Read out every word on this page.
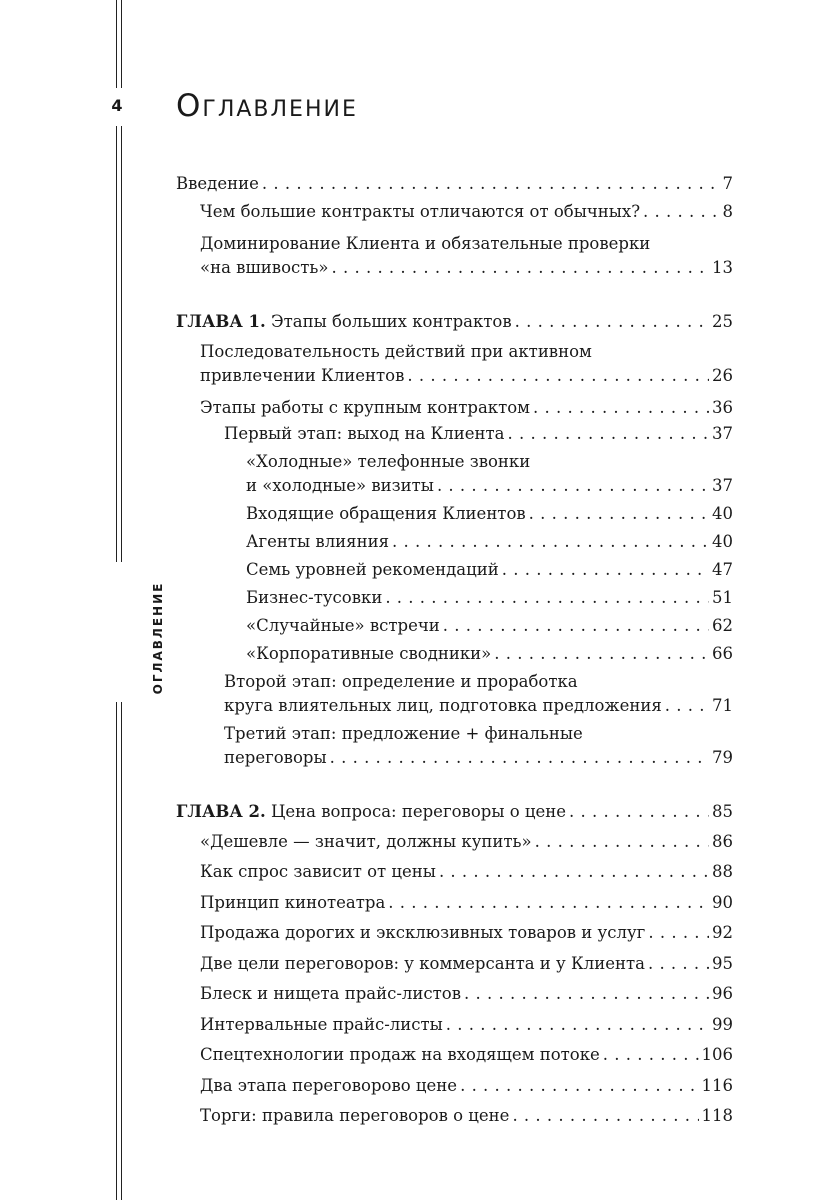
4
ОГЛАВЛЕНИЕ
Оглавление
Введение . . .	7
Чем большие контракты отличаются от обычных? . . .	8
Доминирование Клиента и обязательные проверки
«на вшивость» . . .	13
ГЛАВА 1. Этапы больших контрактов . . .	25
Последовательность действий при активном
привлечении Клиентов . . .	26
Этапы работы с крупным контрактом . . .	36
Первый этап: выход на Клиента . . .	37
«Холодные» телефонные звонки
и «холодные» визиты . . .	37
Входящие обращения Клиентов . . .	40
Агенты влияния . . .	40
Семь уровней рекомендаций . . .	47
Бизнес-тусовки . . .	51
«Случайные» встречи . . .	62
«Корпоративные сводники» . . .	66
Второй этап: определение и проработка
круга влиятельных лиц, подготовка предложения . . .	71
Третий этап: предложение + финальные
переговоры . . .	79
ГЛАВА 2. Цена вопроса: переговоры о цене . . .	85
«Дешевле — значит, должны купить» . . .	86
Как спрос зависит от цены . . .	88
Принцип кинотеатра . . .	90
Продажа дорогих и эксклюзивных товаров и услуг . . .	92
Две цели переговоров: у коммерсанта и у Клиента . . .	95
Блеск и нищета прайс-листов . . .	96
Интервальные прайс-листы . . .	99
Спецтехнологии продаж на входящем потоке . . .	106
Два этапа переговорово цене . . .	116
Торги: правила переговоров о цене . . .	118
